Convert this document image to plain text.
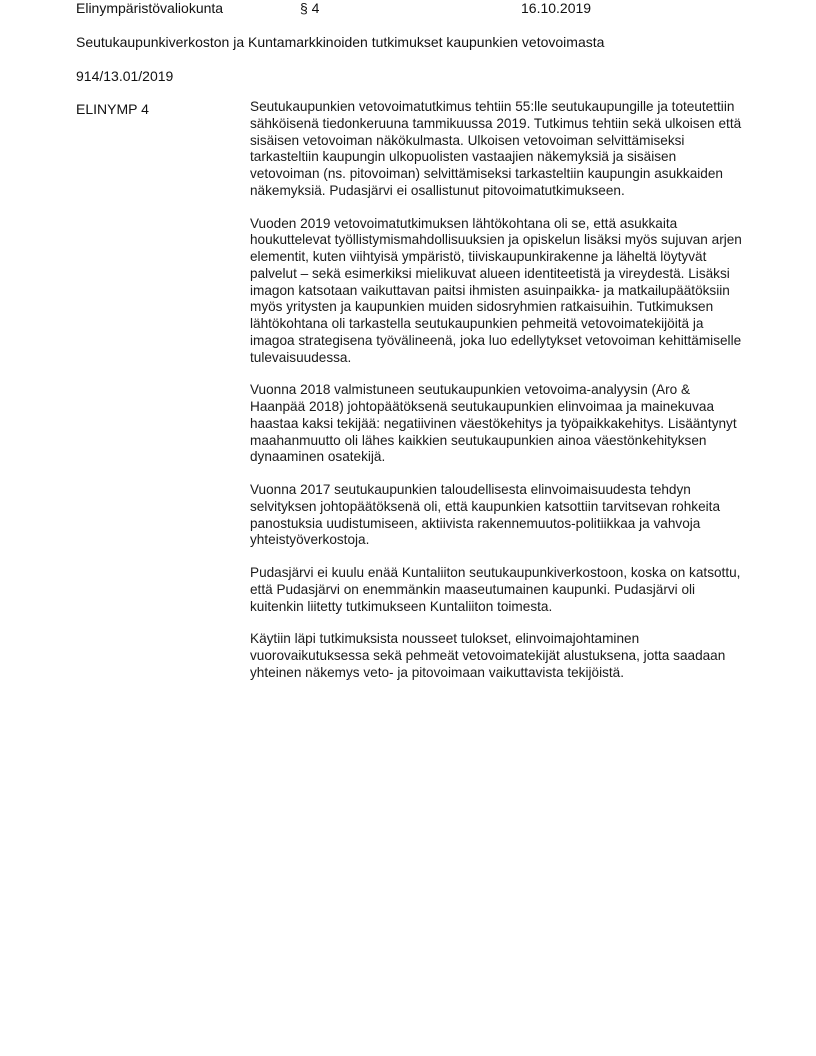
Elinympäristövaliokunta	§ 4	16.10.2019
Seutukaupunkiverkoston ja Kuntamarkkinoiden tutkimukset kaupunkien vetovoimasta
914/13.01/2019
ELINYMP 4	Seutukaupunkien vetovoimatutkimus tehtiin 55:lle seutukaupungille ja toteutettiin sähköisenä tiedonkeruuna tammikuussa 2019. Tutkimus tehtiin sekä ulkoisen että sisäisen vetovoiman näkökulmasta. Ulkoisen vetovoiman selvittämiseksi tarkasteltiin kaupungin ulkopuolisten vastaajien näkemyksiä ja sisäisen vetovoiman (ns. pitovoiman) selvittämiseksi tarkasteltiin kaupungin asukkaiden näkemyksiä. Pudasjärvi ei osallistunut pitovoimatutkimukseen.

Vuoden 2019 vetovoimatutkimuksen lähtökohtana oli se, että asukkaita houkuttelevat työllistymismahdollisuuksien ja opiskelun lisäksi myös sujuvan arjen elementit, kuten viihtyisä ympäristö, tiiviskaupunkirakenne ja läheltä löytyvät palvelut – sekä esimerkiksi mielikuvat alueen identiteetistä ja vireydestä. Lisäksi imagon katsotaan vaikuttavan paitsi ihmisten asuinpaikka- ja matkailupäätöksiin myös yritysten ja kaupunkien muiden sidosryhmien ratkaisuihin. Tutkimuksen lähtökohtana oli tarkastella seutukaupunkien pehmeitä vetovoimatekijöitä ja imagoa strategisena työvälineenä, joka luo edellytykset vetovoiman kehittämiselle tulevaisuudessa.

Vuonna 2018 valmistuneen seutukaupunkien vetovoima-analyysin (Aro & Haanpää 2018) johtopäätöksenä seutukaupunkien elinvoimaa ja mainekuvaa haastaa kaksi tekijää: negatiivinen väestökehitys ja työpaikkakehitys. Lisääntynyt maahanmuutto oli lähes kaikkien seutukaupunkien ainoa väestönkehityksen dynaaminen osatekijä.

Vuonna 2017 seutukaupunkien taloudellisesta elinvoimaisuudesta tehdyn selvityksen johtopäätöksenä oli, että kaupunkien katsottiin tarvitsevan rohkeita panostuksia uudistumiseen, aktiivista rakennemuutos-politiikkaa ja vahvoja yhteistyöverkostoja.

Pudasjärvi ei kuulu enää Kuntaliiton seutukaupunkiverkostoon, koska on katsottu, että Pudasjärvi on enemmänkin maaseutumainen kaupunki. Pudasjärvi oli kuitenkin liitetty tutkimukseen Kuntaliiton toimesta.

Käytiin läpi tutkimuksista nousseet tulokset, elinvoimajohtaminen vuorovaikutuksessa sekä pehmeät vetovoimatekijät alustuksena, jotta saadaan yhteinen näkemys veto- ja pitovoimaan vaikuttavista tekijöistä.
